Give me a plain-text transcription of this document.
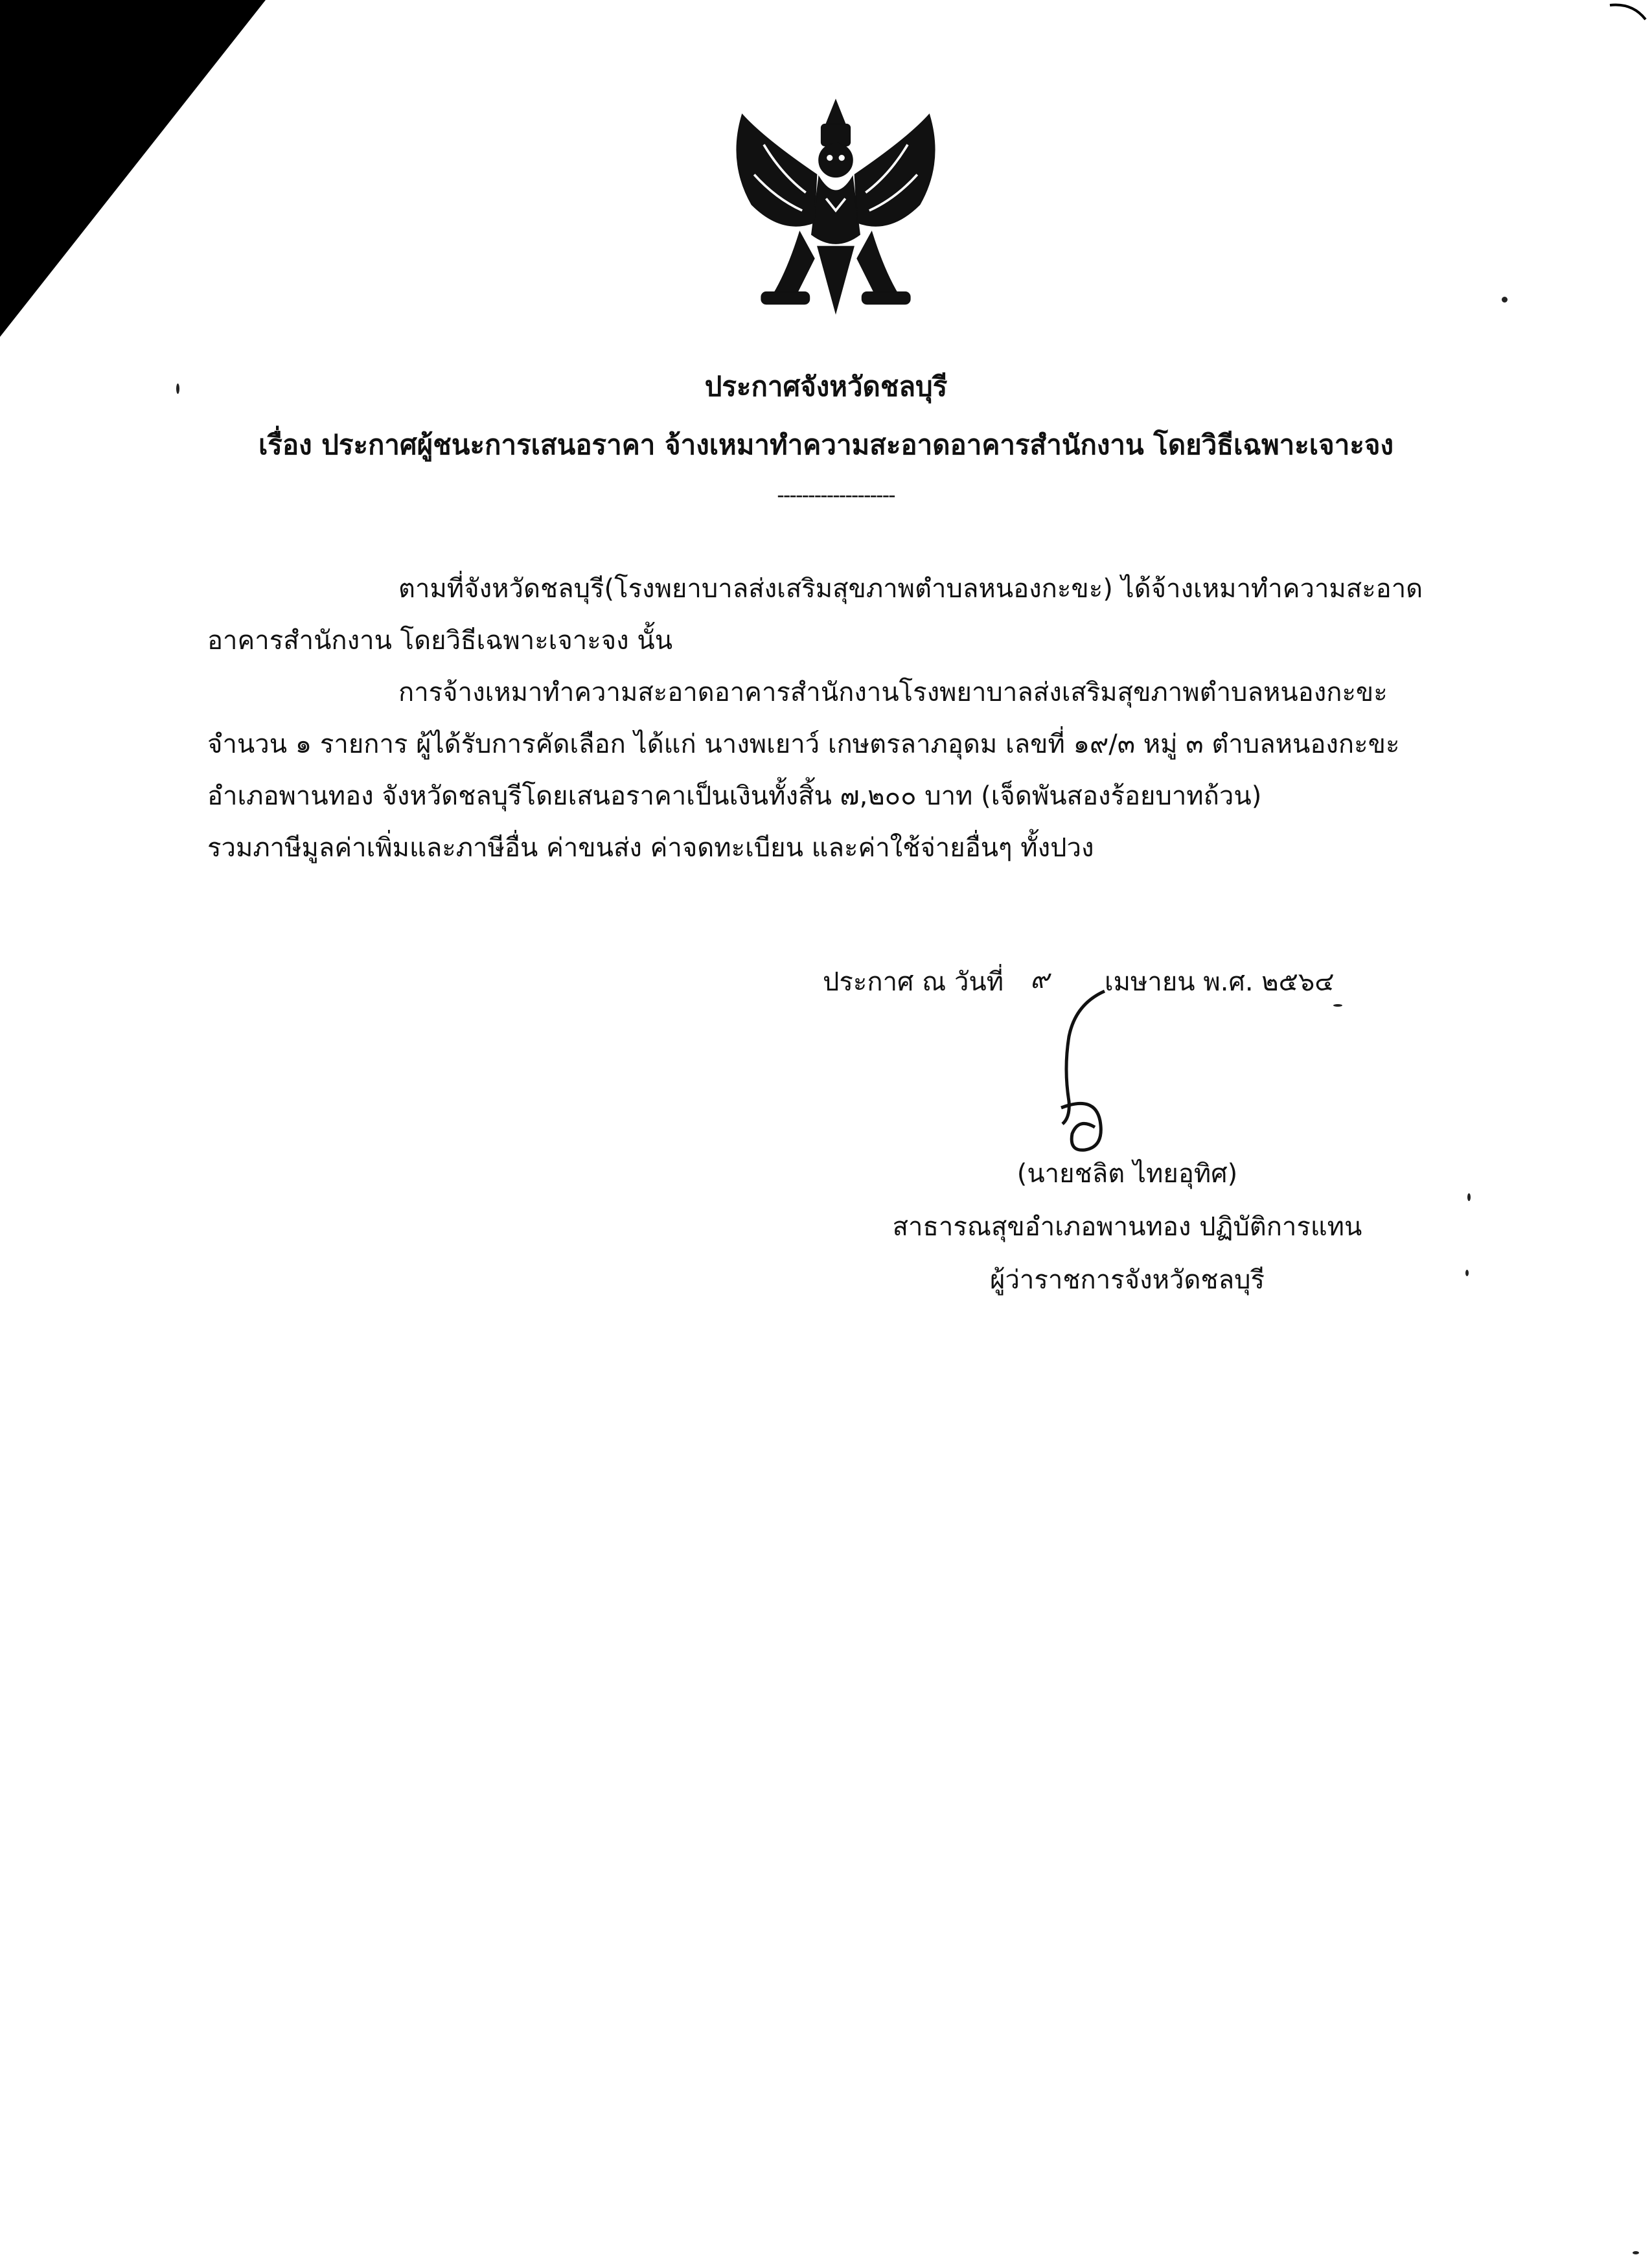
ประกาศจังหวัดชลบุรี
เรื่อง ประกาศผู้ชนะการเสนอราคา จ้างเหมาทำความสะอาดอาคารสำนักงาน โดยวิธีเฉพาะเจาะจง
-------------------
ตามที่จังหวัดชลบุรี(โรงพยาบาลส่งเสริมสุขภาพตำบลหนองกะขะ) ได้จ้างเหมาทำความสะอาด
อาคารสำนักงาน โดยวิธีเฉพาะเจาะจง นั้น
การจ้างเหมาทำความสะอาดอาคารสำนักงานโรงพยาบาลส่งเสริมสุขภาพตำบลหนองกะขะ
จำนวน ๑ รายการ ผู้ได้รับการคัดเลือก ได้แก่ นางพเยาว์ เกษตรลาภอุดม เลขที่ ๑๙/๓ หมู่ ๓ ตำบลหนองกะขะ
อำเภอพานทอง จังหวัดชลบุรีโดยเสนอราคาเป็นเงินทั้งสิ้น ๗,๒๐๐ บาท (เจ็ดพันสองร้อยบาทถ้วน)
รวมภาษีมูลค่าเพิ่มและภาษีอื่น ค่าขนส่ง ค่าจดทะเบียน และค่าใช้จ่ายอื่นๆ ทั้งปวง
ประกาศ ณ วันที่ ๙ เมษายน พ.ศ. ๒๕๖๔
(นายชลิต ไทยอุทิศ)
สาธารณสุขอำเภอพานทอง ปฏิบัติการแทน
ผู้ว่าราชการจังหวัดชลบุรี
